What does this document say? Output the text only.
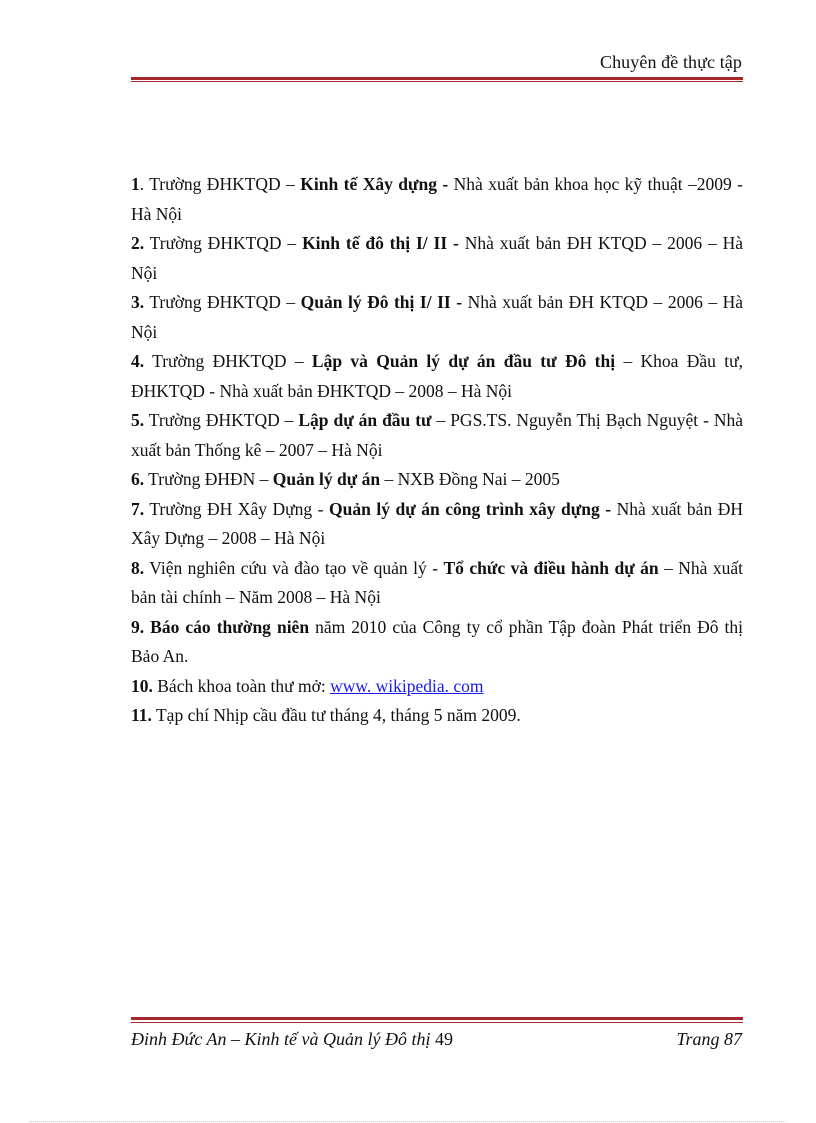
Chuyên đề thực tập

1. Trường ĐHKTQD – Kinh tế Xây dựng - Nhà xuất bản khoa học kỹ thuật –2009 - Hà Nội

2. Trường ĐHKTQD – Kinh tế đô thị I/ II - Nhà xuất bản ĐH KTQD – 2006 – Hà Nội

3. Trường ĐHKTQD – Quản lý Đô thị I/ II - Nhà xuất bản ĐH KTQD – 2006 – Hà Nội

4. Trường ĐHKTQD – Lập và Quản lý dự án đầu tư Đô thị – Khoa Đầu tư, ĐHKTQD - Nhà xuất bản ĐHKTQD – 2008 – Hà Nội

5. Trường ĐHKTQD – Lập dự án đầu tư – PGS.TS. Nguyễn Thị Bạch Nguyệt - Nhà xuất bản Thống kê – 2007 – Hà Nội

6. Trường ĐHĐN – Quản lý dự án – NXB Đồng Nai – 2005

7. Trường ĐH Xây Dựng - Quản lý dự án công trình xây dựng - Nhà xuất bản ĐH Xây Dựng – 2008 – Hà Nội

8. Viện nghiên cứu và đào tạo về quản lý - Tổ chức và điều hành dự án – Nhà xuất bản tài chính – Năm 2008 – Hà Nội

9. Báo cáo thường niên năm 2010 của Công ty cổ phần Tập đoàn Phát triển Đô thị Bảo An.

10. Bách khoa toàn thư mở: www. wikipedia. com

11. Tạp chí Nhịp cầu đầu tư tháng 4, tháng 5 năm 2009.

Đinh Đức An – Kinh tế và Quản lý Đô thị 49	Trang 87
